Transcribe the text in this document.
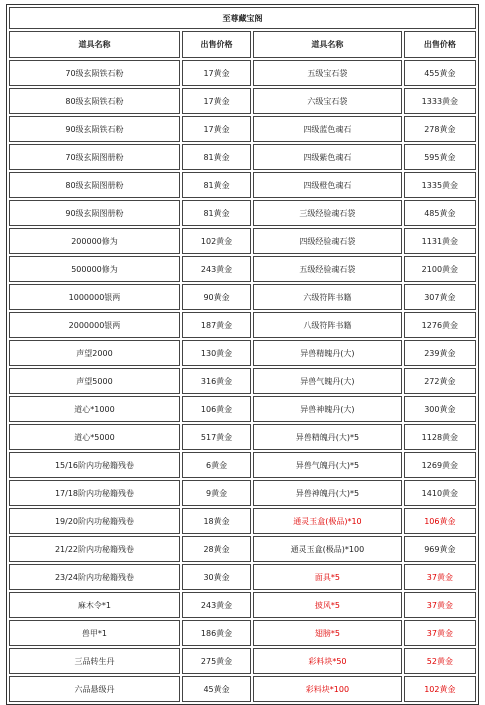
至尊藏宝阁			
道具名称	出售价格	道具名称	出售价格
70级玄陨铁石粉	17黄金	五级宝石袋	455黄金
80级玄陨铁石粉	17黄金	六级宝石袋	1333黄金
90级玄陨铁石粉	17黄金	四级蓝色魂石	278黄金
70级玄陨图册粉	81黄金	四级紫色魂石	595黄金
80级玄陨图册粉	81黄金	四级橙色魂石	1335黄金
90级玄陨图册粉	81黄金	三级经验魂石袋	485黄金
200000修为	102黄金	四级经验魂石袋	1131黄金
500000修为	243黄金	五级经验魂石袋	2100黄金
1000000银两	90黄金	六级符阵书籍	307黄金
2000000银两	187黄金	八级符阵书籍	1276黄金
声望2000	130黄金	异兽精魄丹(大)	239黄金
声望5000	316黄金	异兽气魄丹(大)	272黄金
道心*1000	106黄金	异兽神魄丹(大)	300黄金
道心*5000	517黄金	异兽精魄丹(大)*5	1128黄金
15/16阶内功秘籍残卷	6黄金	异兽气魄丹(大)*5	1269黄金
17/18阶内功秘籍残卷	9黄金	异兽神魄丹(大)*5	1410黄金
19/20阶内功秘籍残卷	18黄金	通灵玉盒(极品)*10	106黄金
21/22阶内功秘籍残卷	28黄金	通灵玉盒(极品)*100	969黄金
23/24阶内功秘籍残卷	30黄金	面具*5	37黄金
麻木令*1	243黄金	披风*5	37黄金
兽甲*1	186黄金	翅膀*5	37黄金
三品转生丹	275黄金	彩料块*50	52黄金
六品悬级丹	45黄金	彩料块*100	102黄金
